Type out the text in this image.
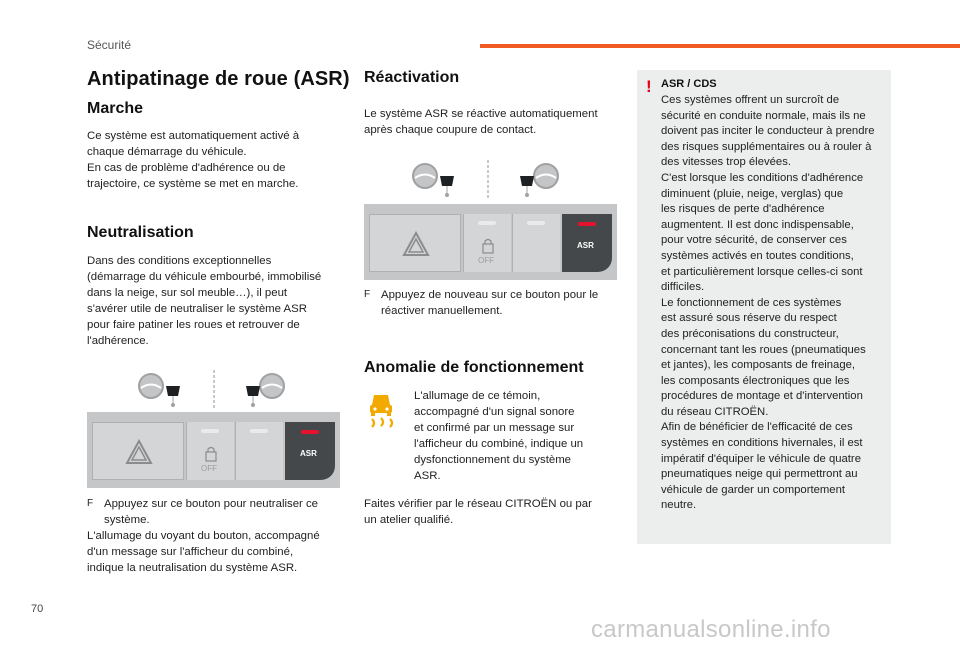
Sécurité
Antipatinage de roue (ASR)
Marche
Ce système est automatiquement activé à
chaque démarrage du véhicule.
En cas de problème d'adhérence ou de
trajectoire, ce système se met en marche.
Neutralisation
Dans des conditions exceptionnelles
(démarrage du véhicule embourbé, immobilisé
dans la neige, sur sol meuble…), il peut
s'avérer utile de neutraliser le système ASR
pour faire patiner les roues et retrouver de
l'adhérence.
OFF
ASR
F Appuyez sur ce bouton pour neutraliser ce
système.
L'allumage du voyant du bouton, accompagné
d'un message sur l'afficheur du combiné,
indique la neutralisation du système ASR.
Réactivation
Le système ASR se réactive automatiquement
après chaque coupure de contact.
OFF
ASR
F Appuyez de nouveau sur ce bouton pour le
réactiver manuellement.
Anomalie de fonctionnement
L'allumage de ce témoin,
accompagné d'un signal sonore
et confirmé par un message sur
l'afficheur du combiné, indique un
dysfonctionnement du système
ASR.
Faites vérifier par le réseau CITROËN ou par
un atelier qualifié.
! ASR / CDS
Ces systèmes offrent un surcroît de
sécurité en conduite normale, mais ils ne
doivent pas inciter le conducteur à prendre
des risques supplémentaires ou à rouler à
des vitesses trop élevées.
C'est lorsque les conditions d'adhérence
diminuent (pluie, neige, verglas) que
les risques de perte d'adhérence
augmentent. Il est donc indispensable,
pour votre sécurité, de conserver ces
systèmes activés en toutes conditions,
et particulièrement lorsque celles-ci sont
difficiles.
Le fonctionnement de ces systèmes
est assuré sous réserve du respect
des préconisations du constructeur,
concernant tant les roues (pneumatiques
et jantes), les composants de freinage,
les composants électroniques que les
procédures de montage et d'intervention
du réseau CITROËN.
Afin de bénéficier de l'efficacité de ces
systèmes en conditions hivernales, il est
impératif d'équiper le véhicule de quatre
pneumatiques neige qui permettront au
véhicule de garder un comportement
neutre.
70
carmanualsonline.info
